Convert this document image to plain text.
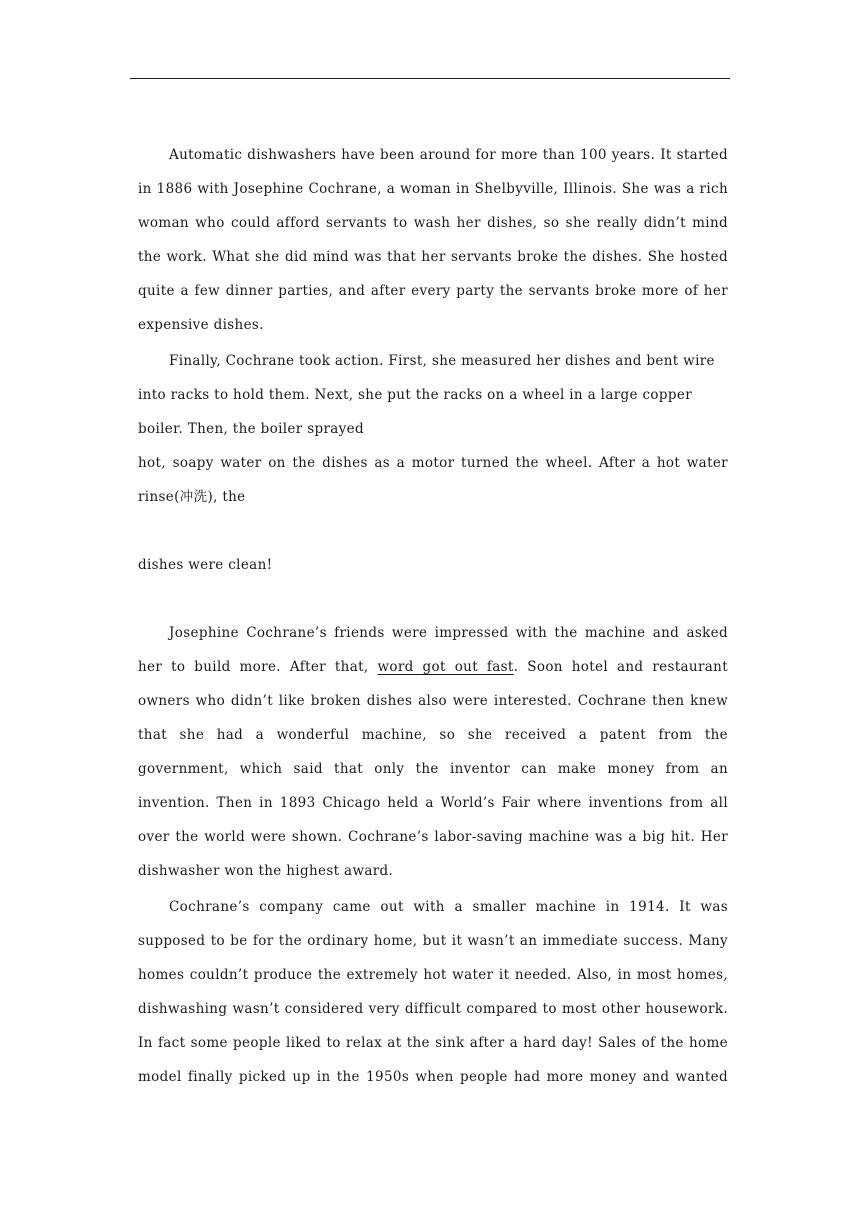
Automatic dishwashers have been around for more than 100 years. It started in 1886 with Josephine Cochrane, a woman in Shelbyville, Illinois. She was a rich woman who could afford servants to wash her dishes, so she really didn’t mind the work. What she did mind was that her servants broke the dishes. She hosted quite a few dinner parties, and after every party the servants broke more of her expensive dishes.

Finally, Cochrane took action. First, she measured her dishes and bent wire into racks to hold them. Next, she put the racks on a wheel in a large copper boiler. Then, the boiler sprayed

hot, soapy water on the dishes as a motor turned the wheel. After a hot water rinse(冲洗), the

dishes were clean!

Josephine Cochrane’s friends were impressed with the machine and asked her to build more. After that, word got out fast. Soon hotel and restaurant owners who didn’t like broken dishes also were interested. Cochrane then knew that she had a wonderful machine, so she received a patent from the government, which said that only the inventor can make money from an invention. Then in 1893 Chicago held a World’s Fair where inventions from all over the world were shown. Cochrane’s labor-saving machine was a big hit. Her dishwasher won the highest award.

Cochrane’s company came out with a smaller machine in 1914. It was supposed to be for the ordinary home, but it wasn’t an immediate success. Many homes couldn’t produce the extremely hot water it needed. Also, in most homes, dishwashing wasn’t considered very difficult compared to most other housework. In fact some people liked to relax at the sink after a hard day! Sales of the home model finally picked up in the 1950s when people had more money and wanted
